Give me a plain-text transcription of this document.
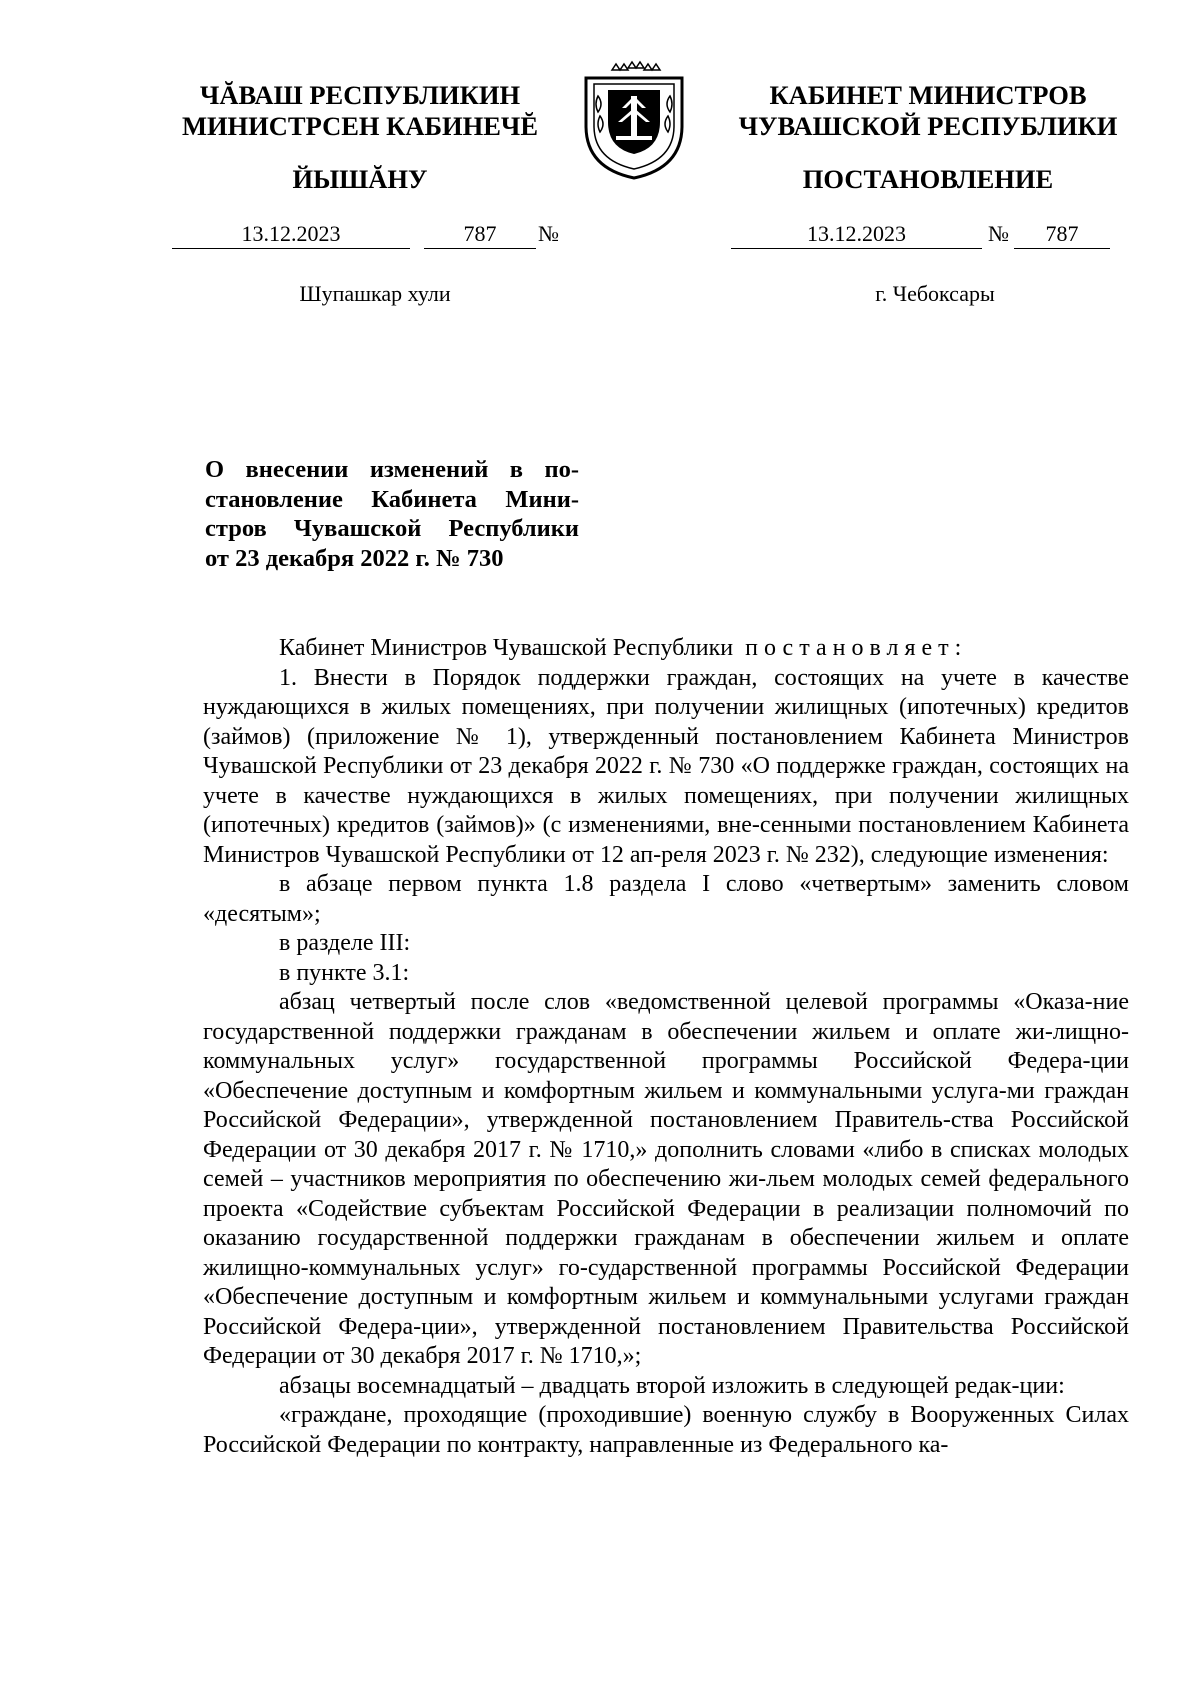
ЧĂВАШ РЕСПУБЛИКИН
МИНИСТРСЕН КАБИНЕЧĔ
ЙЫШĂНУ
КАБИНЕТ МИНИСТРОВ
ЧУВАШСКОЙ РЕСПУБЛИКИ
ПОСТАНОВЛЕНИЕ
13.12.2023	787	№	13.12.2023	№	787
Шупашкар хули	г. Чебоксары
О внесении изменений в по-
становление Кабинета Мини-
стров Чувашской Республики
от 23 декабря 2022 г. № 730

Кабинет Министров Чувашской Республики постановляет:

1. Внести в Порядок поддержки граждан, состоящих на учете в качестве нуждающихся в жилых помещениях, при получении жилищных (ипотечных) кредитов (займов) (приложение № 1), утвержденный постановлением Кабинета Министров Чувашской Республики от 23 декабря 2022 г. № 730 «О поддержке граждан, состоящих на учете в качестве нуждающихся в жилых помещениях, при получении жилищных (ипотечных) кредитов (займов)» (с изменениями, вне-сенными постановлением Кабинета Министров Чувашской Республики от 12 ап-реля 2023 г. № 232), следующие изменения:

в абзаце первом пункта 1.8 раздела I слово «четвертым» заменить словом «десятым»;

в разделе III:

в пункте 3.1:

абзац четвертый после слов «ведомственной целевой программы «Оказа-ние государственной поддержки гражданам в обеспечении жильем и оплате жи-лищно-коммунальных услуг» государственной программы Российской Федера-ции «Обеспечение доступным и комфортным жильем и коммунальными услуга-ми граждан Российской Федерации», утвержденной постановлением Правитель-ства Российской Федерации от 30 декабря 2017 г. № 1710,» дополнить словами «либо в списках молодых семей – участников мероприятия по обеспечению жи-льем молодых семей федерального проекта «Содействие субъектам Российской Федерации в реализации полномочий по оказанию государственной поддержки гражданам в обеспечении жильем и оплате жилищно-коммунальных услуг» го-сударственной программы Российской Федерации «Обеспечение доступным и комфортным жильем и коммунальными услугами граждан Российской Федера-ции», утвержденной постановлением Правительства Российской Федерации от 30 декабря 2017 г. № 1710,»;

абзацы восемнадцатый – двадцать второй изложить в следующей редак-ции:

«граждане, проходящие (проходившие) военную службу в Вооруженных Силах Российской Федерации по контракту, направленные из Федерального ка-
